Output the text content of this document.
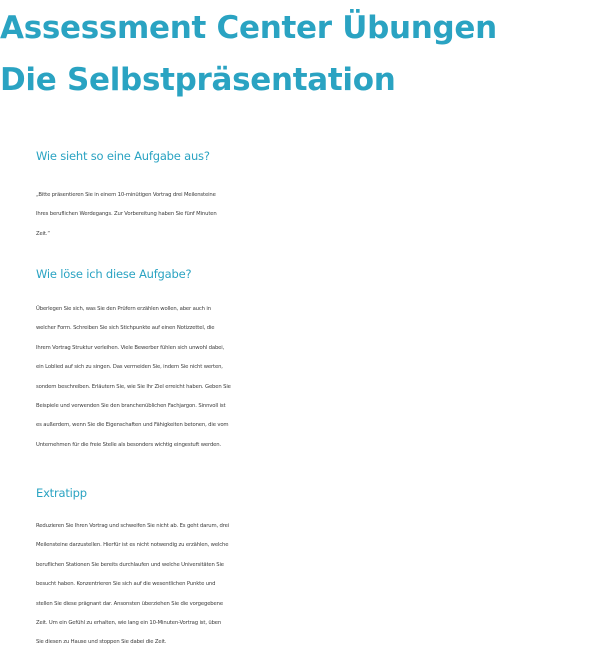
Assessment Center Übungen
Die Selbstpräsentation
Wie sieht so eine Aufgabe aus?

„Bitte präsentieren Sie in einem 10-minütigen Vortrag drei Meilensteine
Ihres beruflichen Werdegangs. Zur Vorbereitung haben Sie fünf Minuten
Zeit.“

Wie löse ich diese Aufgabe?

Überlegen Sie sich, was Sie den Prüfern erzählen wollen, aber auch in
welcher Form. Schreiben Sie sich Stichpunkte auf einen Notizzettel, die
Ihrem Vortrag Struktur verleihen. Viele Bewerber fühlen sich unwohl dabei,
ein Loblied auf sich zu singen. Das vermeiden Sie, indem Sie nicht werten,
sondern beschreiben. Erläutern Sie, wie Sie Ihr Ziel erreicht haben. Geben Sie
Beispiele und verwenden Sie den branchenüblichen Fachjargon. Sinnvoll ist
es außerdem, wenn Sie die Eigenschaften und Fähigkeiten betonen, die vom
Unternehmen für die freie Stelle als besonders wichtig eingestuft werden.

Extratipp

Reduzieren Sie Ihren Vortrag und schweifen Sie nicht ab. Es geht darum, drei
Meilensteine darzustellen. Hierfür ist es nicht notwendig zu erzählen, welche
beruflichen Stationen Sie bereits durchlaufen und welche Universitäten Sie
besucht haben. Konzentrieren Sie sich auf die wesentlichen Punkte und
stellen Sie diese prägnant dar. Ansonsten überziehen Sie die vorgegebene
Zeit. Um ein Gefühl zu erhalten, wie lang ein 10-Minuten-Vortrag ist, üben
Sie diesen zu Hause und stoppen Sie dabei die Zeit.
